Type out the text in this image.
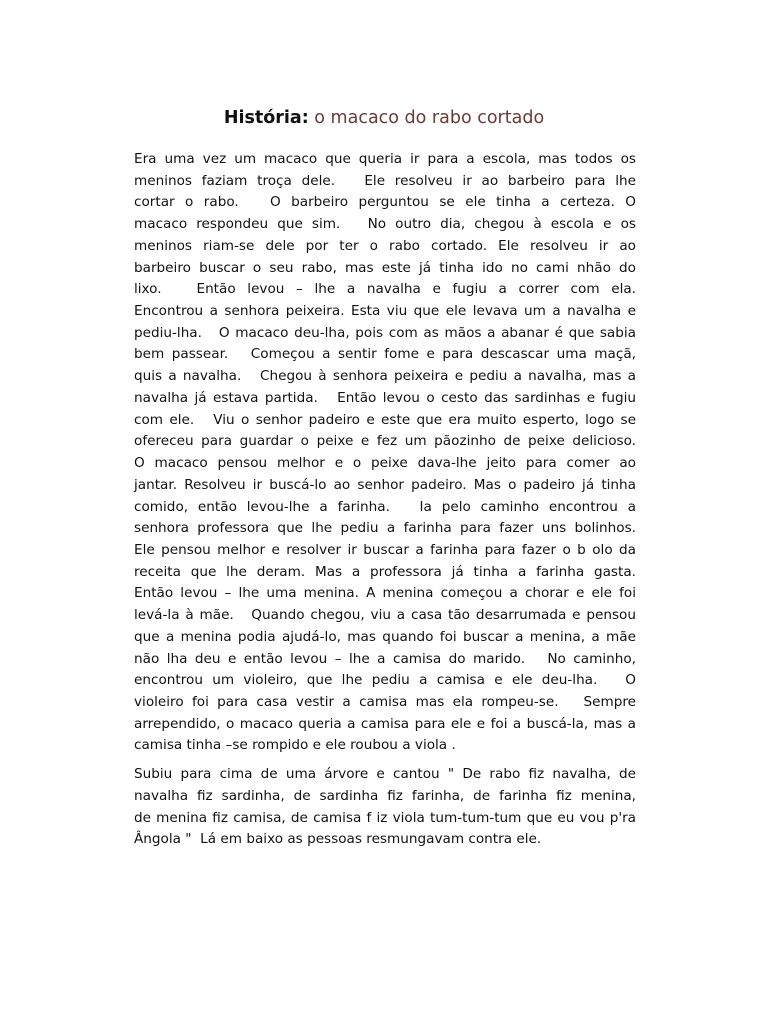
História: o macaco do rabo cortado
Era uma vez um macaco que queria ir para a escola, mas todos os
meninos faziam troça dele.   Ele resolveu ir ao barbeiro para lhe
cortar o rabo.   O barbeiro perguntou se ele tinha a certeza. O
macaco respondeu que sim.   No outro dia, chegou à escola e os
meninos riam-se dele por ter o rabo cortado. Ele resolveu ir ao
barbeiro buscar o seu rabo, mas este já tinha ido no cami nhão do
lixo.   Então levou – lhe a navalha e fugiu a correr com ela.
Encontrou a senhora peixeira. Esta viu que ele levava um a navalha e
pediu-lha.   O macaco deu-lha, pois com as mãos a abanar é que sabia
bem passear.   Começou a sentir fome e para descascar uma maçã,
quis a navalha.   Chegou à senhora peixeira e pediu a navalha, mas a
navalha já estava partida.   Então levou o cesto das sardinhas e fugiu
com ele.   Viu o senhor padeiro e este que era muito esperto, logo se
ofereceu para guardar o peixe e fez um pãozinho de peixe delicioso.
O macaco pensou melhor e o peixe dava-lhe jeito para comer ao
jantar. Resolveu ir buscá-lo ao senhor padeiro. Mas o padeiro já tinha
comido, então levou-lhe a farinha.   Ia pelo caminho encontrou a
senhora professora que lhe pediu a farinha para fazer uns bolinhos.
Ele pensou melhor e resolver ir buscar a farinha para fazer o b olo da
receita que lhe deram. Mas a professora já tinha a farinha gasta.
Então levou – lhe uma menina. A menina começou a chorar e ele foi
levá-la à mãe.   Quando chegou, viu a casa tão desarrumada e pensou
que a menina podia ajudá-lo, mas quando foi buscar a menina, a mãe
não lha deu e então levou – lhe a camisa do marido.   No caminho,
encontrou um violeiro, que lhe pediu a camisa e ele deu-lha.   O
violeiro foi para casa vestir a camisa mas ela rompeu-se.   Sempre
arrependido, o macaco queria a camisa para ele e foi a buscá-la, mas a
camisa tinha –se rompido e ele roubou a viola .
Subiu para cima de uma árvore e cantou " De rabo fiz navalha, de
navalha fiz sardinha, de sardinha fiz farinha, de farinha fiz menina,
de menina fiz camisa, de camisa f iz viola tum-tum-tum que eu vou p'ra
Ângola "  Lá em baixo as pessoas resmungavam contra ele.
